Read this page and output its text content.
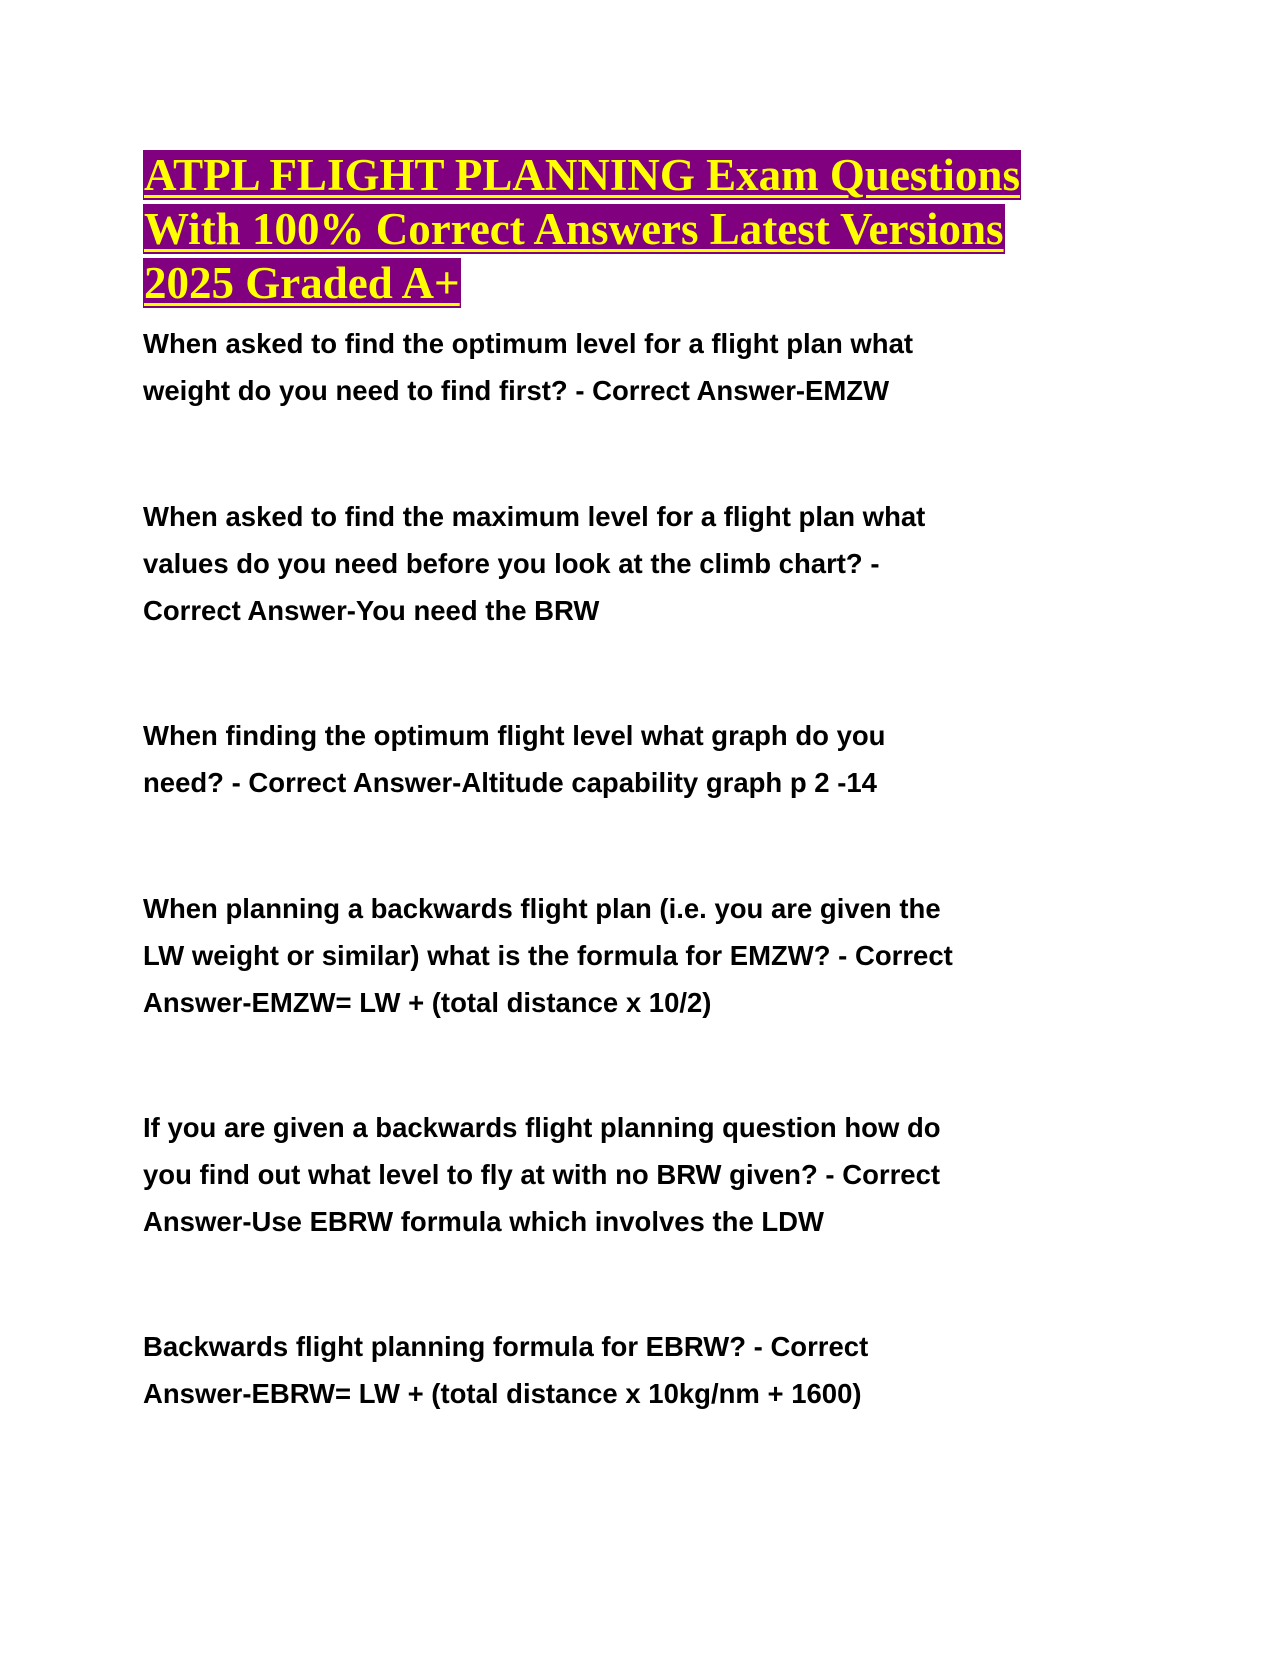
ATPL FLIGHT PLANNING Exam Questions
With 100% Correct Answers Latest Versions
2025 Graded A+
When asked to find the optimum level for a flight plan what
weight do you need to find first? - Correct Answer-EMZW
When asked to find the maximum level for a flight plan what
values do you need before you look at the climb chart? -
Correct Answer-You need the BRW
When finding the optimum flight level what graph do you
need? - Correct Answer-Altitude capability graph p 2 -14
When planning a backwards flight plan (i.e. you are given the
LW weight or similar) what is the formula for EMZW? - Correct
Answer-EMZW= LW + (total distance x 10/2)
If you are given a backwards flight planning question how do
you find out what level to fly at with no BRW given? - Correct
Answer-Use EBRW formula which involves the LDW
Backwards flight planning formula for EBRW? - Correct
Answer-EBRW= LW + (total distance x 10kg/nm + 1600)
